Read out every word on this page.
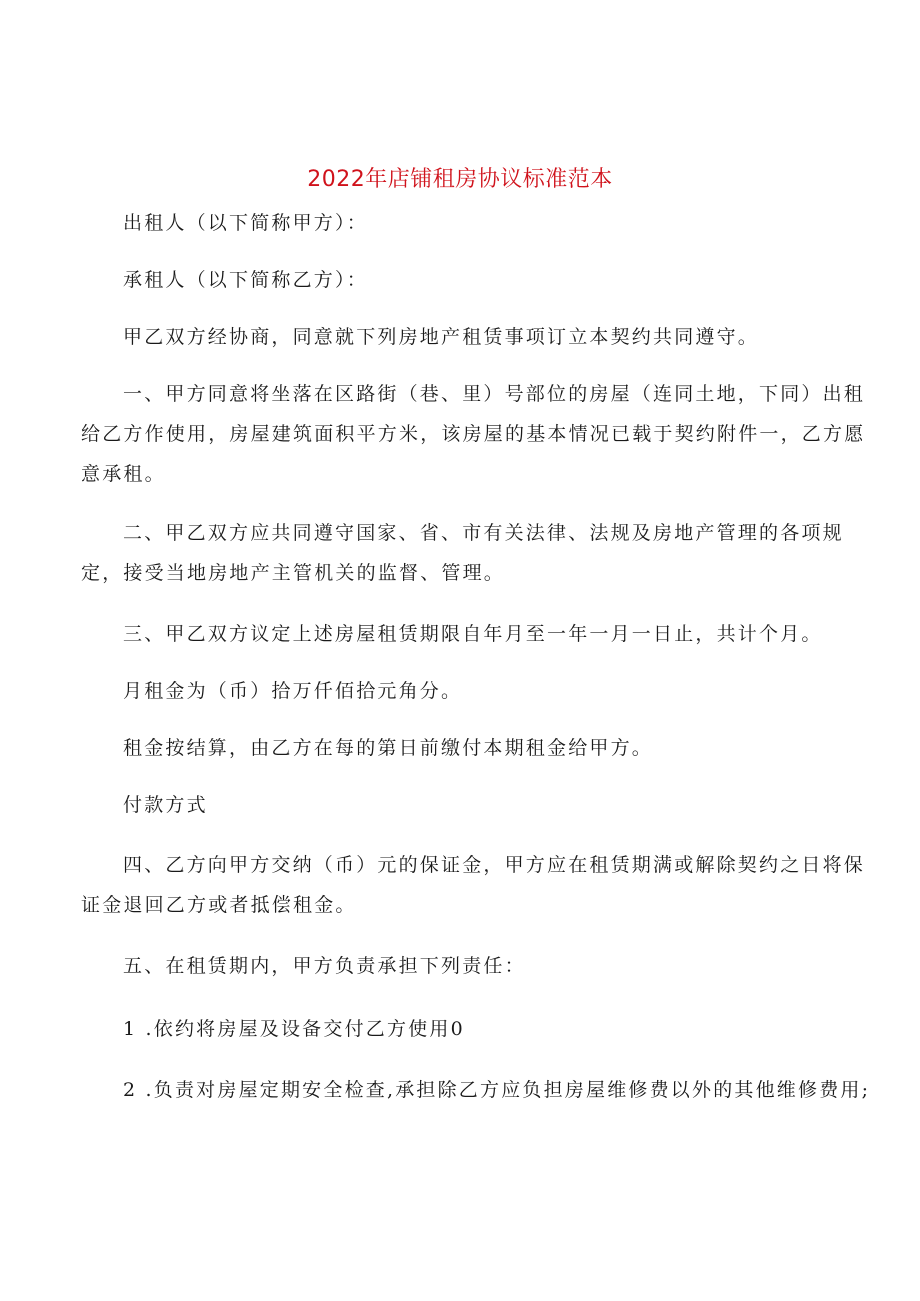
2022年店铺租房协议标准范本
出租人（以下简称甲方）：
承租人（以下简称乙方）：
甲乙双方经协商，同意就下列房地产租赁事项订立本契约共同遵守。
一、甲方同意将坐落在区路街（巷、里）号部位的房屋（连同土地，下同）出租
给乙方作使用，房屋建筑面积平方米，该房屋的基本情况已载于契约附件一，乙方愿
意承租。
二、甲乙双方应共同遵守国家、省、市有关法律、法规及房地产管理的各项规
定，接受当地房地产主管机关的监督、管理。
三、甲乙双方议定上述房屋租赁期限自年月至一年一月一日止，共计个月。
月租金为（币）拾万仟佰拾元角分。
租金按结算，由乙方在每的第日前缴付本期租金给甲方。
付款方式
四、乙方向甲方交纳（币）元的保证金，甲方应在租赁期满或解除契约之日将保
证金退回乙方或者抵偿租金。
五、在租赁期内，甲方负责承担下列责任：
1 .依约将房屋及设备交付乙方使用0
2 .负责对房屋定期安全检查,承担除乙方应负担房屋维修费以外的其他维修费用;
